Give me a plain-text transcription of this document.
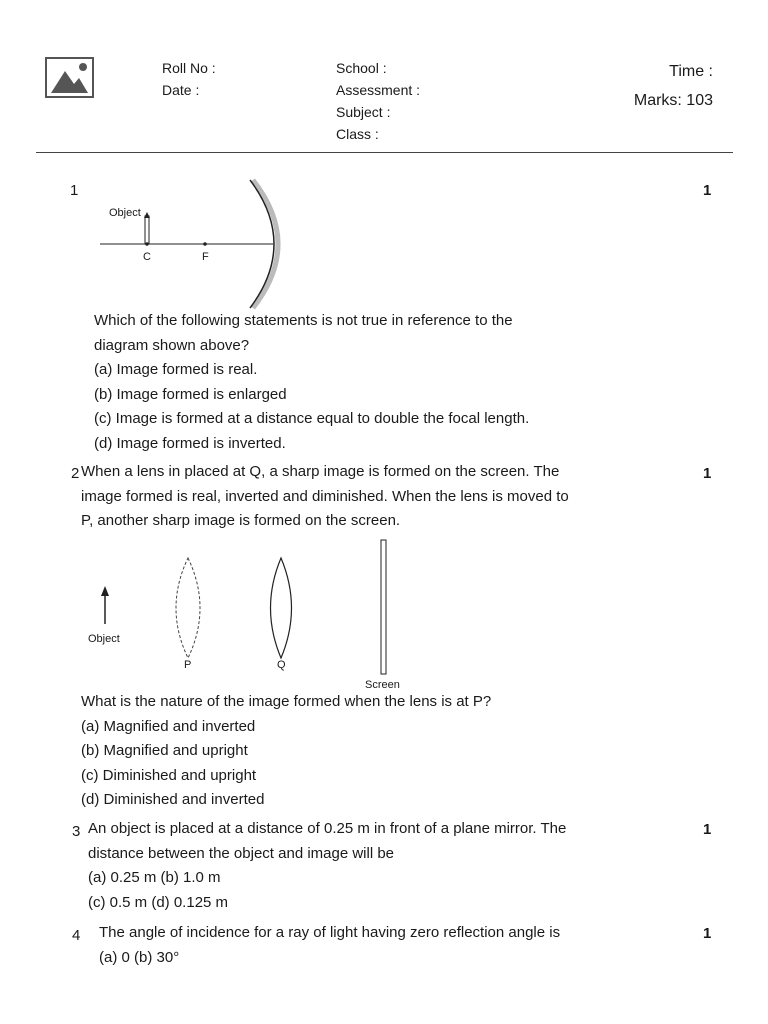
Roll No :
Date :
School :
Assessment :
Subject :
Class :
Time :
Marks: 103
1	1
Object
C	F
Which of the following statements is not true in reference to the
diagram shown above?
(a) Image formed is real.
(b) Image formed is enlarged
(c) Image is formed at a distance equal to double the focal length.
(d) Image formed is inverted.
2	1
When a lens in placed at Q, a sharp image is formed on the screen. The
image formed is real, inverted and diminished. When the lens is moved to
P, another sharp image is formed on the screen.
Object
P	Q
Screen
What is the nature of the image formed when the lens is at P?
(a) Magnified and inverted
(b) Magnified and upright
(c) Diminished and upright
(d) Diminished and inverted
3	1
An object is placed at a distance of 0.25 m in front of a plane mirror. The
distance between the object and image will be
(a) 0.25 m (b) 1.0 m
(c) 0.5 m (d) 0.125 m
4	1
The angle of incidence for a ray of light having zero reflection angle is
(a) 0 (b) 30°
